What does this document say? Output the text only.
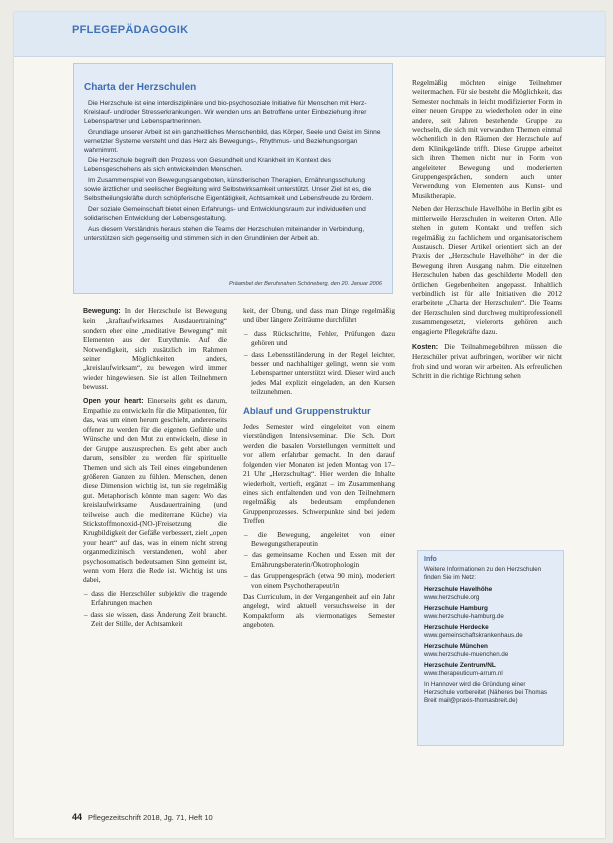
PFLEGEPÄDAGOGIK
Charta der Herzschulen

Die Herzschule ist eine interdisziplinäre und bio-psychosoziale Initiative für Menschen mit Herz-Kreislauf- und/oder Stresserkrankungen. Wir wenden uns an Betroffene unter Einbeziehung ihrer Lebenspartner und Lebenspartnerinnen.

Grundlage unserer Arbeit ist ein ganzheitliches Menschenbild, das Körper, Seele und Geist im Sinne vernetzter Systeme versteht und das Herz als Bewegungs-, Rhythmus- und Beziehungsorgan wahrnimmt.

Die Herzschule begreift den Prozess von Gesundheit und Krankheit im Kontext des Lebensgeschehens als sich entwickelnden Menschen.

Im Zusammenspiel von Bewegungsangeboten, künstlerischen Therapien, Ernährungsschulung sowie ärztlicher und seelischer Begleitung wird Selbstwirksamkeit unterstützt. Unser Ziel ist es, die Selbstheilungskräfte durch schöpferische Eigentätigkeit, Achtsamkeit und Lebensfreude zu fördern.

Der soziale Gemeinschaft bietet einen Erfahrungs- und Entwicklungsraum zur individuellen und solidarischen Entwicklung der Lebensgestaltung.

Aus diesem Verständnis heraus stehen die Teams der Herzschulen miteinander in Verbindung, unterstützen sich gegenseitig und stimmen sich in den Grundlinien der Arbeit ab.

Präambel der Berufsnahen Schöneberg, den 20. Januar 2006

Bewegung: In der Herzschule ist Bewegung kein „kraftaufwirksames Ausdauertraining“ sondern eher eine „meditative Bewegung“ mit Elementen aus der Eurythmie. Auf die Notwendigkeit, sich zusätzlich im Rahmen seiner Möglichkeiten anders, „kreislaufwirksam“, zu bewegen wird immer wieder hingewiesen. Sie ist allen Teilnehmern bewusst.

Open your heart: Einerseits geht es darum, Empathie zu entwickeln für die Mitpatienten, für das, was um einen herum geschieht, andererseits offener zu werden für die eigenen Gefühle und Wünsche und den Mut zu entwickeln, diese in der Gruppe auszusprechen. Es geht aber auch darum, sensibler zu werden für spirituelle Themen und sich als Teil eines eingebundenen größeren Ganzen zu fühlen. Menschen, denen diese Dimension wichtig ist, tun sie regelmäßig gut. Metaphorisch könnte man sagen: Wo das kreislaufwirksame Ausdauertraining (und teilweise auch die mediterrane Küche) via Stickstoffmonoxid-(NO-)Freisetzung die Krugbildigkeit der Gefäße verbessert, zielt „open your heart“ auf das, was in einem nicht streng organmedizinisch verstandenen, wohl aber psychosomatisch bedeutsamen Sinn gemeint ist, wenn vom Herz die Rede ist. Wichtig ist uns dabei,

– dass die Herzschüler subjektiv die tragende Erfahrungen machen

– dass sie wissen, dass Änderung Zeit braucht. Zeit der Stille, der Achtsamkeit

keit, der Übung, und dass man Dinge regelmäßig und über längere Zeiträume durchführt

– dass Rückschritte, Fehler, Prüfungen dazu gehören und

– dass Lebensstiländerung in der Regel leichter, besser und nachhaltiger gelingt, wenn sie vom Lebenspartner unterstützt wird. Dieser wird auch jedes Mal explizit eingeladen, an den Kursen teilzunehmen.

Ablauf und Gruppenstruktur

Jedes Semester wird eingeleitet von einem vierstündigen Intensivseminar. Die Sch. Dort werden die basalen Vorstellungen vermittelt und vor allem erfahrbar gemacht. In den darauf folgenden vier Monaten ist jeden Montag von 17–21 Uhr „Herzschultag“. Hier werden die Inhalte wiederholt, vertieft, ergänzt – im Zusammenhang eines sich entfaltenden und von den Teilnehmern regelmäßig als bedeutsam empfundenen Gruppenprozesses. Schwerpunkte sind bei jedem Treffen

– die Bewegung, angeleitet von einer Bewegungstherapeutin

– das gemeinsame Kochen und Essen mit der Ernährungsberaterin/Ökotrophologin

– das Gruppengespräch (etwa 90 min), moderiert von einem Psychotherapeut/in

Das Curriculum, in der Vergangenheit auf ein Jahr angelegt, wird aktuell versuchsweise in der Kompaktform als viermonatiges Semester angeboten.

Regelmäßig möchten einige Teilnehmer weitermachen. Für sie besteht die Möglichkeit, das Semester nochmals in leicht modifizierter Form in einer neuen Gruppe zu wiederholen oder in eine andere, seit Jahren bestehende Gruppe zu wechseln, die sich mit verwandten Themen einmal wöchentlich in den Räumen der Herzschule auf dem Klinikgelände trifft. Diese Gruppe arbeitet sich ihren Themen nicht nur in Form von angeleiteter Bewegung und moderierten Gruppengesprächen, sondern auch unter Verwendung von Elementen aus Kunst- und Musiktherapie.

Neben der Herzschule Havelhöhe in Berlin gibt es mittlerweile Herzschulen in weiteren Orten. Alle stehen in gutem Kontakt und treffen sich regelmäßig zu fachlichem und organisatorischem Austausch. Dieser Artikel orientiert sich an der Praxis der „Herzschule Havelhöhe“ in der die Bewegung ihren Ausgang nahm. Die einzelnen Herzschulen haben das geschilderte Modell den örtlichen Gegebenheiten angepasst. Inhaltlich verbindlich ist für alle Initiativen die 2012 erarbeitete „Charta der Herzschulen“. Die Teams der Herzschulen sind durchweg multiprofessionell zusammengesetzt, vielerorts gehören auch engagierte Pflegekräfte dazu.

Kosten: Die Teilnahmegebühren müssen die Herzschüler privat aufbringen, worüber wir nicht froh sind und woran wir arbeiten. Als erfreulichen Schritt in die richtige Richtung sehen

Info
Weitere Informationen zu den Herzschulen finden Sie im Netz:
Herzschule Havelhöhe
www.herzschule.org
Herzschule Hamburg
www.herzschule-hamburg.de
Herzschule Herdecke
www.gemeinschaftskrankenhaus.de
Herzschule München
www.herzschule-muenchen.de
Herzschule Zentrum/NL
www.therapeuticum-arrum.nl
In Hannover wird die Gründung einer Herzschule vorbereitet (Näheres bei Thomas Breit mail@praxis-thomasbreit.de)
44 Pflegezeitschrift 2018, Jg. 71, Heft 10
